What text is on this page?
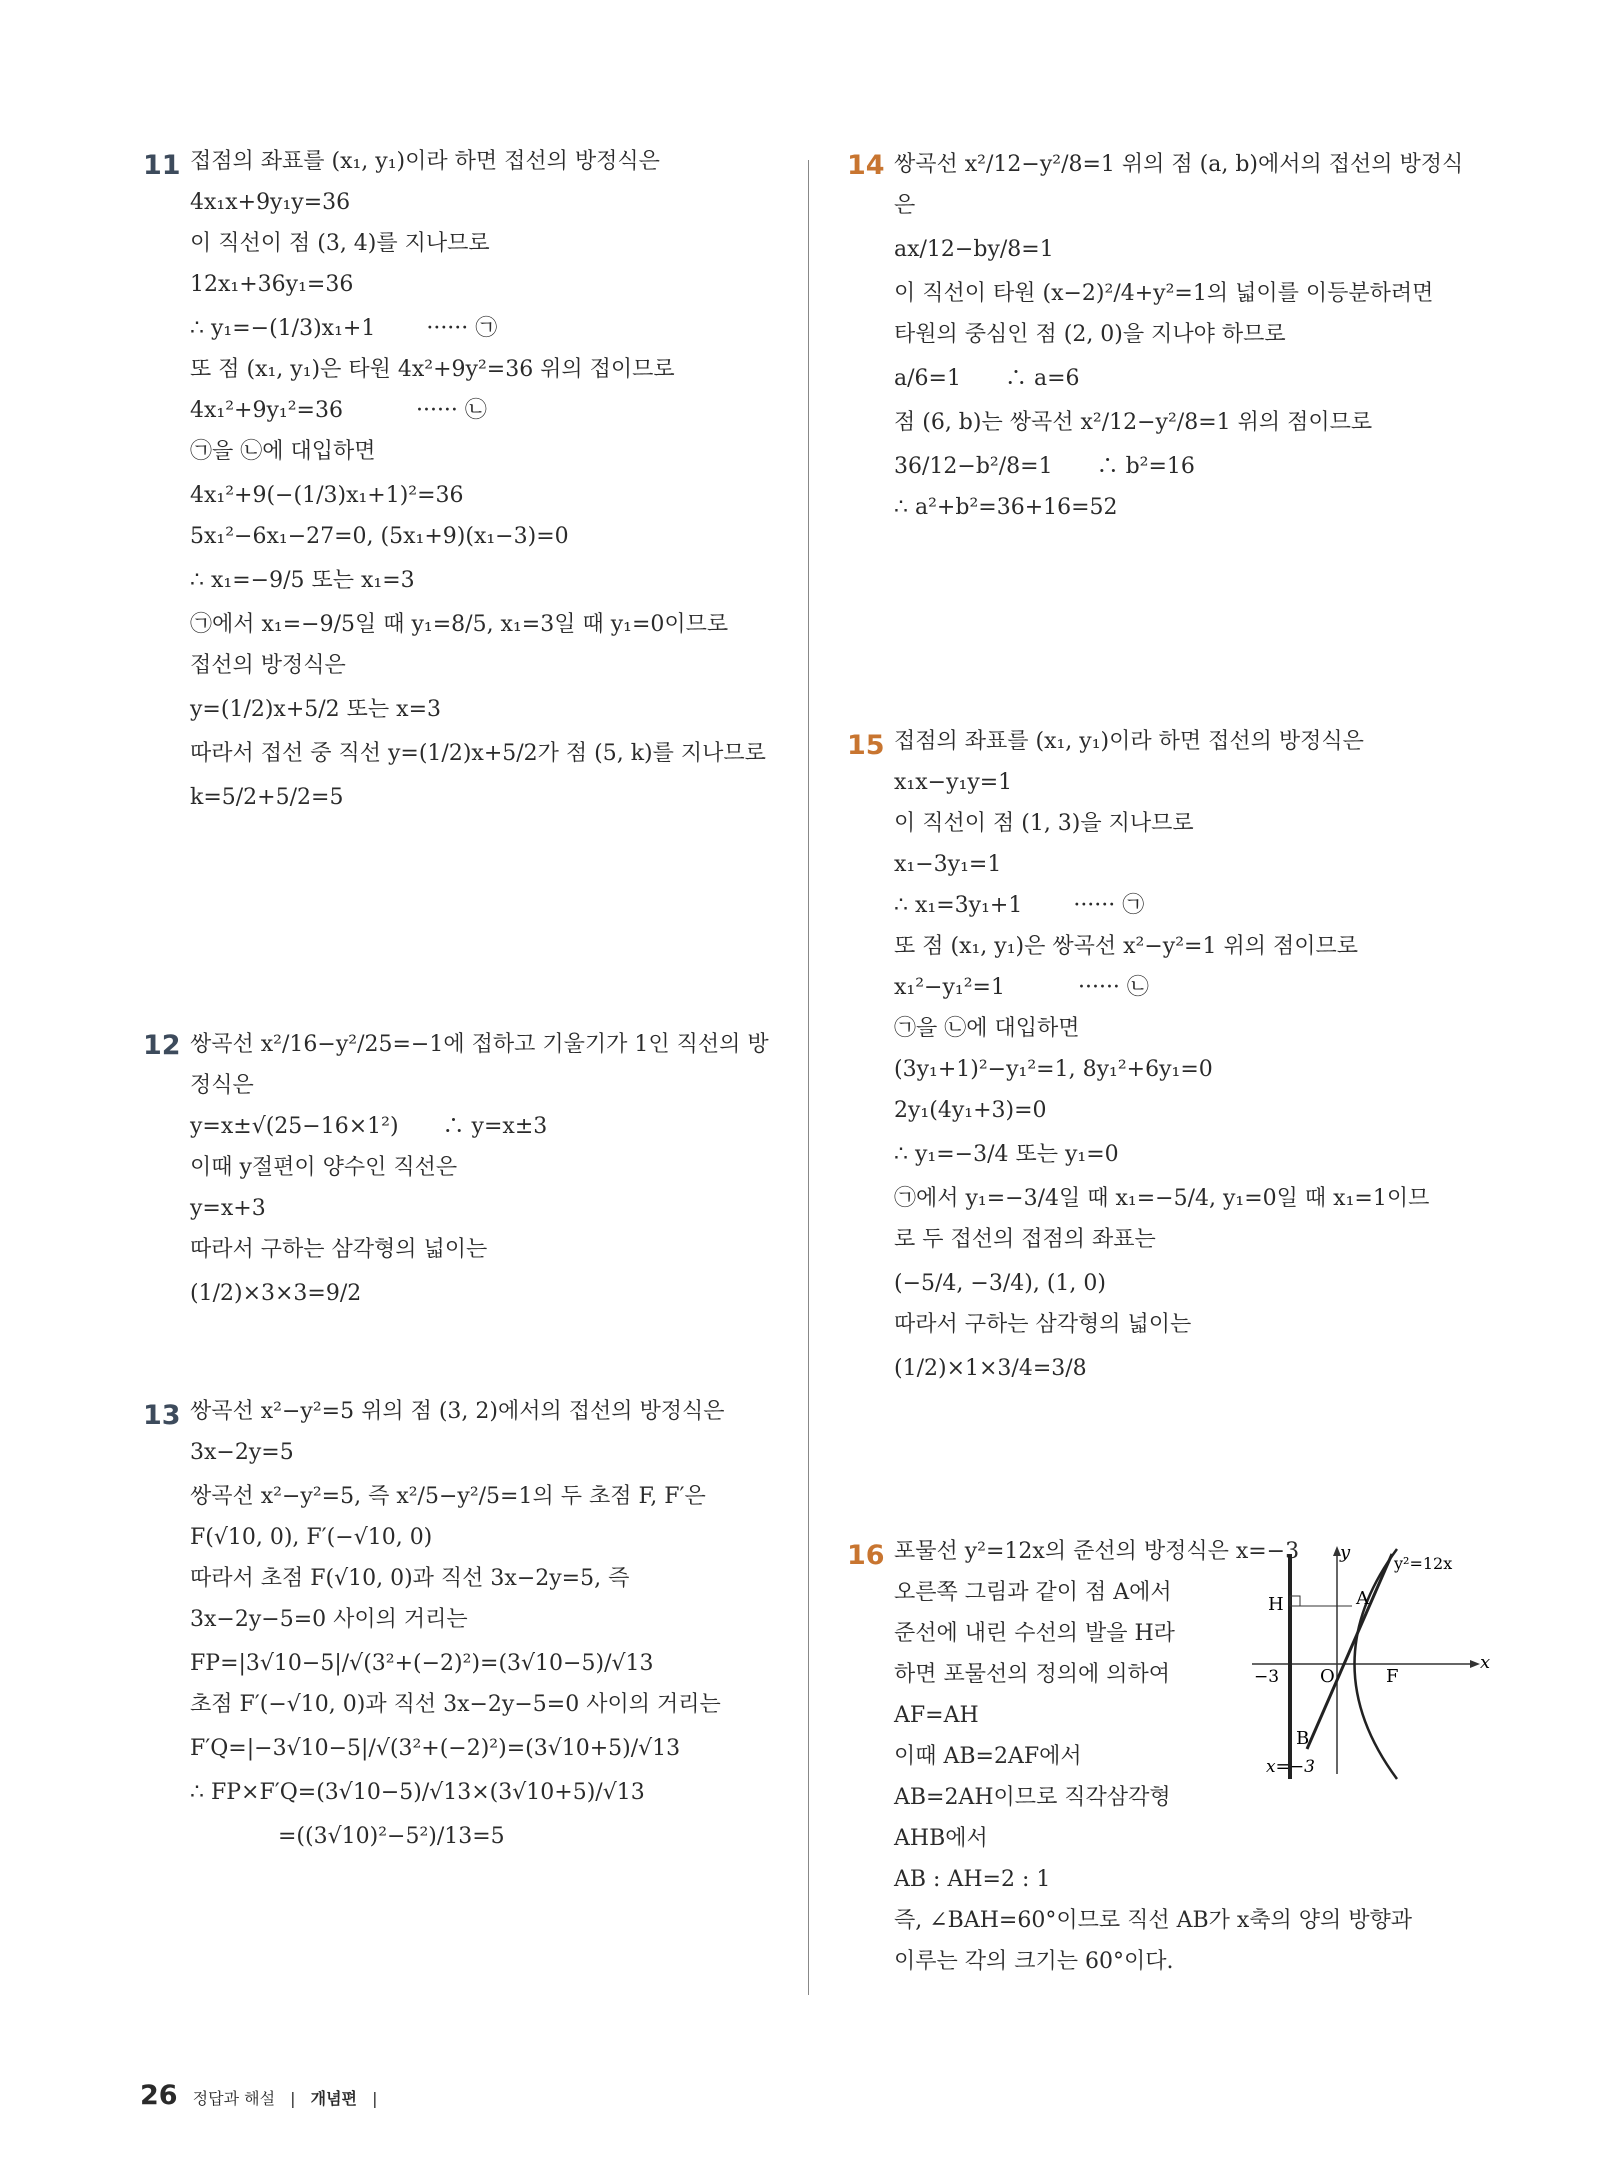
11 접점의 좌표를 (x₁, y₁)이라 하면 접선의 방정식은
4x₁x+9y₁y=36
이 직선이 점 (3, 4)를 지나므로
12x₁+36y₁=36
∴ y₁=−(1/3)x₁+1　　 ······ ㉠
또 점 (x₁, y₁)은 타원 4x²+9y²=36 위의 접이므로
4x₁²+9y₁²=36　　　 ······ ㉡
㉠을 ㉡에 대입하면
4x₁²+9(−(1/3)x₁+1)²=36
5x₁²−6x₁−27=0, (5x₁+9)(x₁−3)=0
∴ x₁=−9/5 또는 x₁=3
㉠에서 x₁=−9/5일 때 y₁=8/5, x₁=3일 때 y₁=0이므로
접선의 방정식은
y=(1/2)x+5/2 또는 x=3
따라서 접선 중 직선 y=(1/2)x+5/2가 점 (5, k)를 지나므로
k=5/2+5/2=5
12 쌍곡선 x²/16−y²/25=−1에 접하고 기울기가 1인 직선의 방
정식은
y=x±√(25−16×1²)　　∴ y=x±3
이때 y절편이 양수인 직선은
y=x+3
따라서 구하는 삼각형의 넓이는
(1/2)×3×3=9/2
13 쌍곡선 x²−y²=5 위의 점 (3, 2)에서의 접선의 방정식은
3x−2y=5
쌍곡선 x²−y²=5, 즉 x²/5−y²/5=1의 두 초점 F, F′은
F(√10, 0), F′(−√10, 0)
따라서 초점 F(√10, 0)과 직선 3x−2y=5, 즉
3x−2y−5=0 사이의 거리는
FP=|3√10−5|/√(3²+(−2)²)=(3√10−5)/√13
초점 F′(−√10, 0)과 직선 3x−2y−5=0 사이의 거리는
F′Q=|−3√10−5|/√(3²+(−2)²)=(3√10+5)/√13
∴ FP×F′Q=(3√10−5)/√13×(3√10+5)/√13
　　　　=((3√10)²−5²)/13=5
14 쌍곡선 x²/12−y²/8=1 위의 점 (a, b)에서의 접선의 방정식
은
ax/12−by/8=1
이 직선이 타원 (x−2)²/4+y²=1의 넓이를 이등분하려면
타원의 중심인 점 (2, 0)을 지나야 하므로
a/6=1　　∴ a=6
점 (6, b)는 쌍곡선 x²/12−y²/8=1 위의 점이므로
36/12−b²/8=1　　∴ b²=16
∴ a²+b²=36+16=52
15 접점의 좌표를 (x₁, y₁)이라 하면 접선의 방정식은
x₁x−y₁y=1
이 직선이 점 (1, 3)을 지나므로
x₁−3y₁=1
∴ x₁=3y₁+1　　 ······ ㉠
또 점 (x₁, y₁)은 쌍곡선 x²−y²=1 위의 점이므로
x₁²−y₁²=1　　　 ······ ㉡
㉠을 ㉡에 대입하면
(3y₁+1)²−y₁²=1, 8y₁²+6y₁=0
2y₁(4y₁+3)=0
∴ y₁=−3/4 또는 y₁=0
㉠에서 y₁=−3/4일 때 x₁=−5/4, y₁=0일 때 x₁=1이므
로 두 접선의 접점의 좌표는
(−5/4, −3/4), (1, 0)
따라서 구하는 삼각형의 넓이는
(1/2)×1×3/4=3/8
16 포물선 y²=12x의 준선의 방정식은 x=−3
오른쪽 그림과 같이 점 A에서
준선에 내린 수선의 발을 H라
하면 포물선의 정의에 의하여
AF=AH
이때 AB=2AF에서
AB=2AH이므로 직각삼각형
AHB에서
AB : AH=2 : 1
즉, ∠BAH=60°이므로 직선 AB가 x축의 양의 방향과
이루는 각의 크기는 60°이다.
y
x
y²=12x
H	A
B
O	F
−3
x=−3
26 정답과 해설 | 개념편 |
